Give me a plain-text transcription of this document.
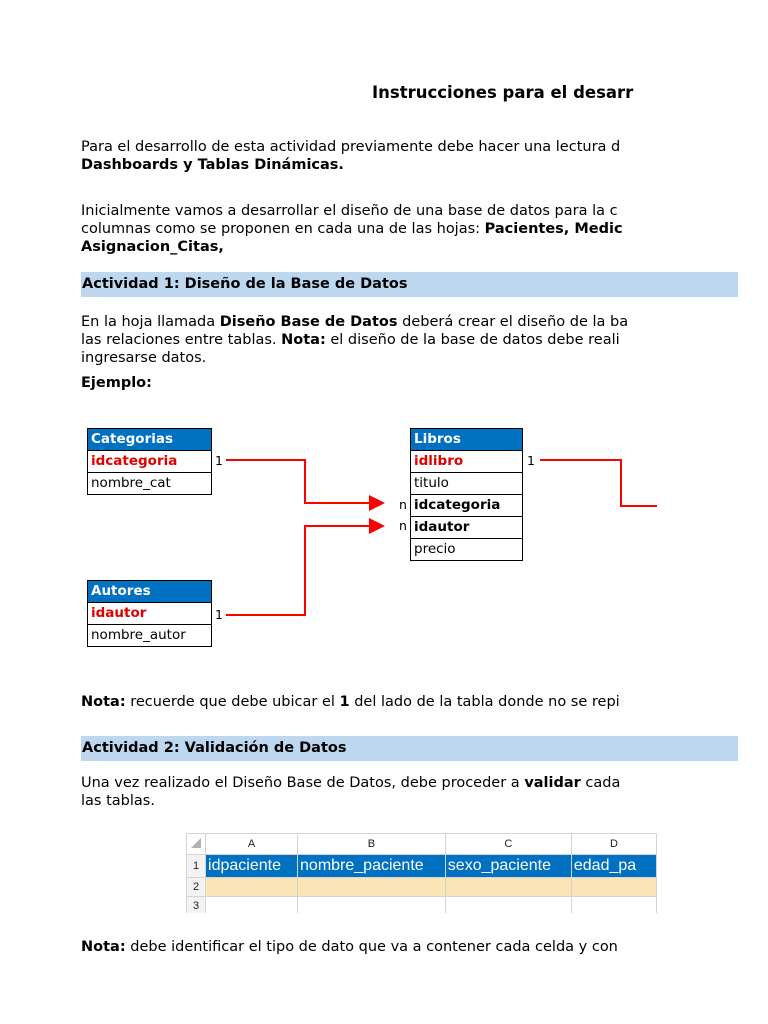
Instrucciones para el desarr
Para el desarrollo de esta actividad previamente debe hacer una lectura d
Dashboards y Tablas Dinámicas.
Inicialmente vamos a desarrollar el diseño de una base de datos para la c
columnas como se proponen en cada una de las hojas: Pacientes, Medic
Asignacion_Citas,
Actividad 1: Diseño de la Base de Datos
En la hoja llamada Diseño Base de Datos deberá crear el diseño de la ba
las relaciones entre tablas. Nota: el diseño de la base de datos debe reali
ingresarse datos.
Ejemplo:
Categorias
idcategoria
nombre_cat
1
Autores
idautor
nombre_autor
1
Libros
idlibro
titulo
idcategoria
idautor
precio
1
n
n
Nota: recuerde que debe ubicar el 1 del lado de la tabla donde no se repi
Actividad 2: Validación de Datos
Una vez realizado el Diseño Base de Datos, debe proceder a validar cada
las tablas.
	A	B	C	D
1	idpaciente	nombre_paciente	sexo_paciente	edad_pa
2				
3				
Nota: debe identificar el tipo de dato que va a contener cada celda y con
